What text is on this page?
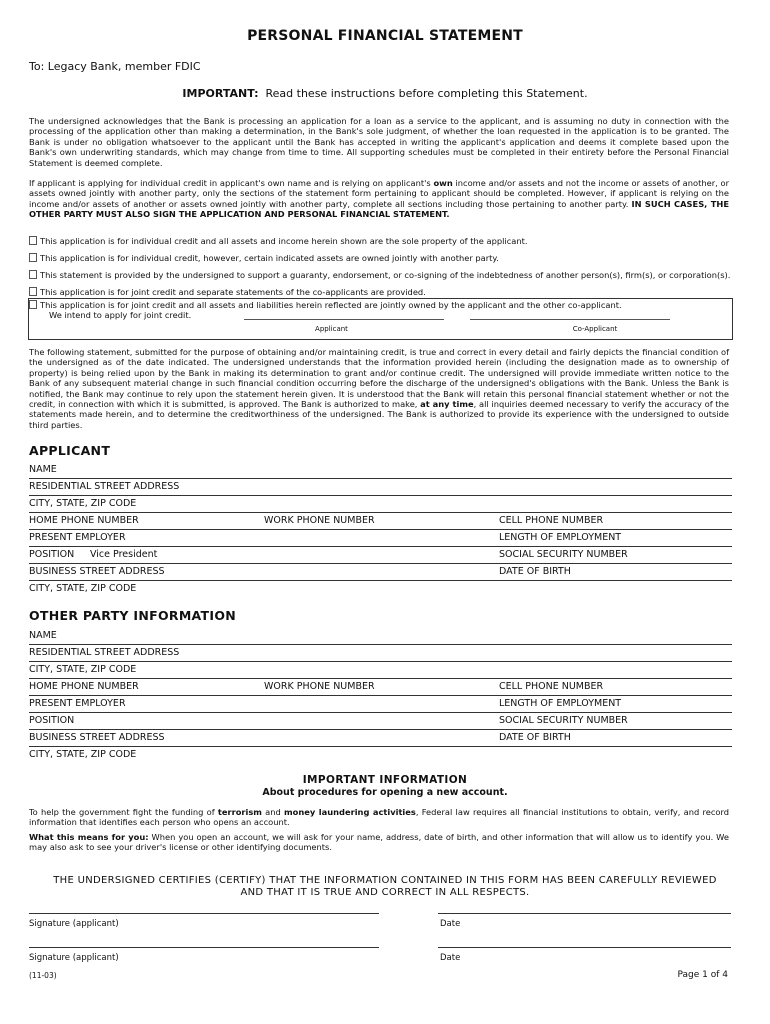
PERSONAL FINANCIAL STATEMENT
To: Legacy Bank, member FDIC
IMPORTANT: Read these instructions before completing this Statement.
The undersigned acknowledges that the Bank is processing an application for a loan as a service to the applicant, and is assuming no duty in connection with the processing of the application other than making a determination, in the Bank's sole judgment, of whether the loan requested in the application is to be granted. The Bank is under no obligation whatsoever to the applicant until the Bank has accepted in writing the applicant's application and deems it complete based upon the Bank's own underwriting standards, which may change from time to time. All supporting schedules must be completed in their entirety before the Personal Financial Statement is deemed complete.
If applicant is applying for individual credit in applicant's own name and is relying on applicant's own income and/or assets and not the income or assets of another, or assets owned jointly with another party, only the sections of the statement form pertaining to applicant should be completed. However, if applicant is relying on the income and/or assets of another or assets owned jointly with another party, complete all sections including those pertaining to another party. IN SUCH CASES, THE OTHER PARTY MUST ALSO SIGN THE APPLICATION AND PERSONAL FINANCIAL STATEMENT.
This application is for individual credit and all assets and income herein shown are the sole property of the applicant.
This application is for individual credit, however, certain indicated assets are owned jointly with another party.
This statement is provided by the undersigned to support a guaranty, endorsement, or co-signing of the indebtedness of another person(s), firm(s), or corporation(s).
This application is for joint credit and separate statements of the co-applicants are provided.
This application is for joint credit and all assets and liabilities herein reflected are jointly owned by the applicant and the other co-applicant.
We intend to apply for joint credit.
Applicant	Co-Applicant
The following statement, submitted for the purpose of obtaining and/or maintaining credit, is true and correct in every detail and fairly depicts the financial condition of the undersigned as of the date indicated. The undersigned understands that the information provided herein (including the designation made as to ownership of property) is being relied upon by the Bank in making its determination to grant and/or continue credit. The undersigned will provide immediate written notice to the Bank of any subsequent material change in such financial condition occurring before the discharge of the undersigned's obligations with the Bank. Unless the Bank is notified, the Bank may continue to rely upon the statement herein given. It is understood that the Bank will retain this personal financial statement whether or not the credit, in connection with which it is submitted, is approved. The Bank is authorized to make, at any time, all inquiries deemed necessary to verify the accuracy of the statements made herein, and to determine the creditworthiness of the undersigned. The Bank is authorized to provide its experience with the undersigned to outside third parties.
APPLICANT
NAME
RESIDENTIAL STREET ADDRESS
CITY, STATE, ZIP CODE
HOME PHONE NUMBER	WORK PHONE NUMBER	CELL PHONE NUMBER
PRESENT EMPLOYER	LENGTH OF EMPLOYMENT
POSITION Vice President	SOCIAL SECURITY NUMBER
BUSINESS STREET ADDRESS	DATE OF BIRTH
CITY, STATE, ZIP CODE
OTHER PARTY INFORMATION
NAME
RESIDENTIAL STREET ADDRESS
CITY, STATE, ZIP CODE
HOME PHONE NUMBER	WORK PHONE NUMBER	CELL PHONE NUMBER
PRESENT EMPLOYER	LENGTH OF EMPLOYMENT
POSITION	SOCIAL SECURITY NUMBER
BUSINESS STREET ADDRESS	DATE OF BIRTH
CITY, STATE, ZIP CODE
IMPORTANT INFORMATION
About procedures for opening a new account.
To help the government fight the funding of terrorism and money laundering activities, Federal law requires all financial institutions to obtain, verify, and record information that identifies each person who opens an account.
What this means for you: When you open an account, we will ask for your name, address, date of birth, and other information that will allow us to identify you. We may also ask to see your driver's license or other identifying documents.
THE UNDERSIGNED CERTIFIES (CERTIFY) THAT THE INFORMATION CONTAINED IN THIS FORM HAS BEEN CAREFULLY REVIEWED
AND THAT IT IS TRUE AND CORRECT IN ALL RESPECTS.
Signature (applicant)	Date
Signature (applicant)	Date
(11-03)	Page 1 of 4
